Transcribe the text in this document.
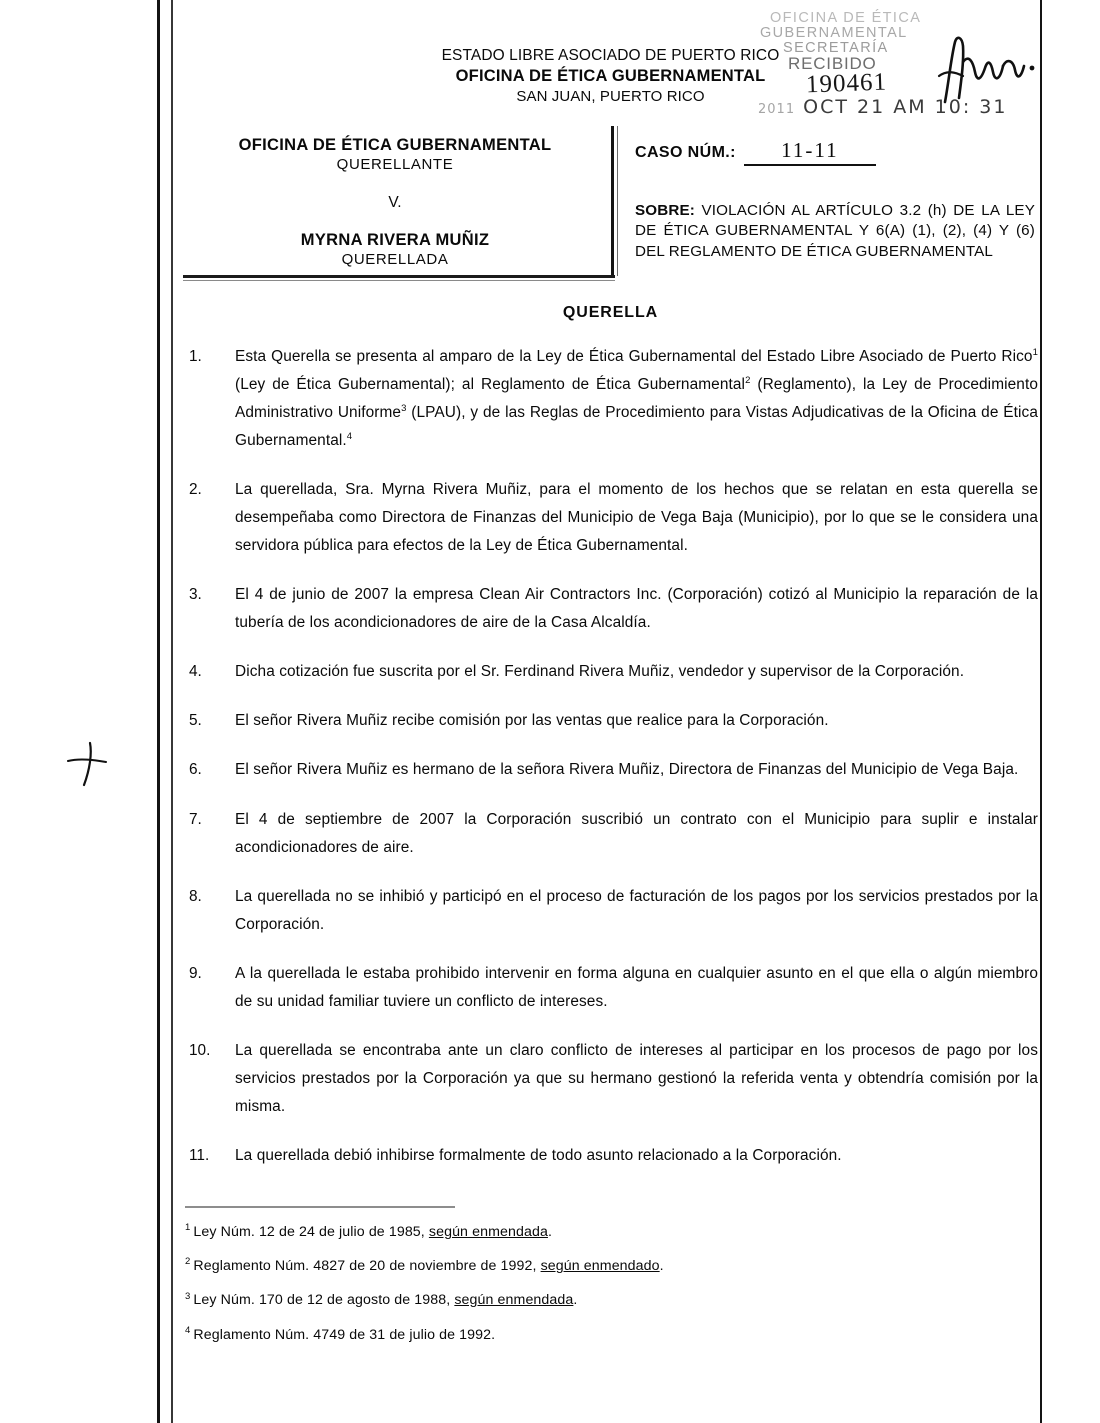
ESTADO LIBRE ASOCIADO DE PUERTO RICO
OFICINA DE ÉTICA GUBERNAMENTAL
SAN JUAN, PUERTO RICO
OFICINA DE ÉTICA
GUBERNAMENTAL
SECRETARÍA
RECIBIDO
190461
2011 OCT 21 AM 10: 31
OFICINA DE ÉTICA GUBERNAMENTAL
QUERELLANTE
V.
MYRNA RIVERA MUÑIZ
QUERELLADA
CASO NÚM.:	11-11
SOBRE: VIOLACIÓN AL ARTÍCULO 3.2 (h) DE LA LEY DE ÉTICA GUBERNAMENTAL Y 6(A) (1), (2), (4) Y (6) DEL REGLAMENTO DE ÉTICA GUBERNAMENTAL
QUERELLA
1.	Esta Querella se presenta al amparo de la Ley de Ética Gubernamental del Estado Libre Asociado de Puerto Rico$^1$ (Ley de Ética Gubernamental); al Reglamento de Ética Gubernamental$^2$ (Reglamento), la Ley de Procedimiento Administrativo Uniforme$^3$ (LPAU), y de las Reglas de Procedimiento para Vistas Adjudicativas de la Oficina de Ética Gubernamental.$^4$
2.	La querellada, Sra. Myrna Rivera Muñiz, para el momento de los hechos que se relatan en esta querella se desempeñaba como Directora de Finanzas del Municipio de Vega Baja (Municipio), por lo que se le considera una servidora pública para efectos de la Ley de Ética Gubernamental.
3.	El 4 de junio de 2007 la empresa Clean Air Contractors Inc. (Corporación) cotizó al Municipio la reparación de la tubería de los acondicionadores de aire de la Casa Alcaldía.
4.	Dicha cotización fue suscrita por el Sr. Ferdinand Rivera Muñiz, vendedor y supervisor de la Corporación.
5.	El señor Rivera Muñiz recibe comisión por las ventas que realice para la Corporación.
6.	El señor Rivera Muñiz es hermano de la señora Rivera Muñiz, Directora de Finanzas del Municipio de Vega Baja.
7.	El 4 de septiembre de 2007 la Corporación suscribió un contrato con el Municipio para suplir e instalar acondicionadores de aire.
8.	La querellada no se inhibió y participó en el proceso de facturación de los pagos por los servicios prestados por la Corporación.
9.	A la querellada le estaba prohibido intervenir en forma alguna en cualquier asunto en el que ella o algún miembro de su unidad familiar tuviere un conflicto de intereses.
10.	La querellada se encontraba ante un claro conflicto de intereses al participar en los procesos de pago por los servicios prestados por la Corporación ya que su hermano gestionó la referida venta y obtendría comisión por la misma.
11.	La querellada debió inhibirse formalmente de todo asunto relacionado a la Corporación.
$^1$ Ley Núm. 12 de 24 de julio de 1985, según enmendada.
$^2$ Reglamento Núm. 4827 de 20 de noviembre de 1992, según enmendado.
$^3$ Ley Núm. 170 de 12 de agosto de 1988, según enmendada.
$^4$ Reglamento Núm. 4749 de 31 de julio de 1992.
